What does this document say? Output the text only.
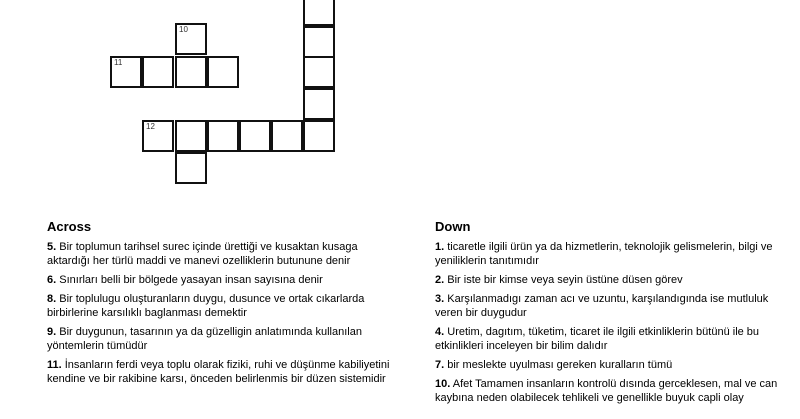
10
11
12
Across
5. Bir toplumun tarihsel surec içinde ürettiği ve kusaktan kusaga aktardığı her türlü maddi ve manevi ozelliklerin butunune denir
6. Sınırları belli bir bölgede yasayan insan sayısına denir
8. Bir toplulugu oluşturanların duygu, dusunce ve ortak cıkarlarda birbirlerine karsılıklı baglanması demektir
9. Bir duygunun, tasarının ya da güzelligin anlatımında kullanılan yöntemlerin tümüdür
11. İnsanların ferdi veya toplu olarak fiziki, ruhi ve düşünme kabiliyetini kendine ve bir rakibine karsı, önceden belirlenmis bir düzen sistemidir
Down
1. ticaretle ilgili ürün ya da hizmetlerin, teknolojik gelismelerin, bilgi ve yeniliklerin tanıtımıdır
2. Bir iste bir kimse veya seyin üstüne düsen görev
3. Karşılanmadıgı zaman acı ve uzuntu, karşılandıgında ise mutluluk veren bir duygudur
4. Uretim, dagıtım, tüketim, ticaret ile ilgili etkinliklerin bütünü ile bu etkinlikleri inceleyen bir bilim dalıdır
7. bir meslekte uyulması gereken kuralların tümü
10. Afet Tamamen insanların kontrolü dısında gerceklesen, mal ve can kaybına neden olabilecek tehlikeli ve genellikle buyuk capli olay
